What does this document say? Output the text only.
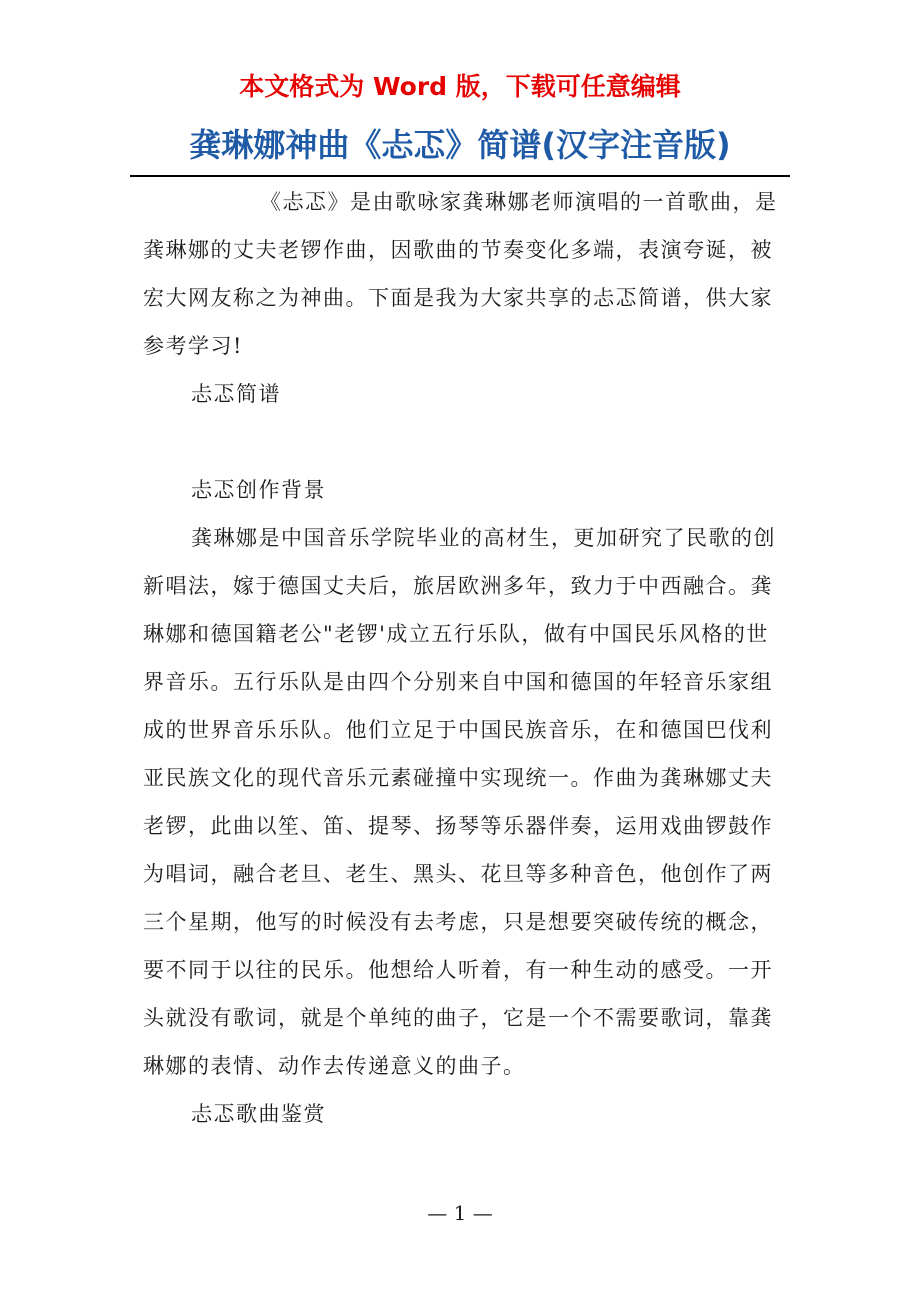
本文格式为 Word 版，下载可任意编辑
龚琳娜神曲《忐忑》简谱(汉字注音版)

《忐忑》是由歌咏家龚琳娜老师演唱的一首歌曲，是龚琳娜的丈夫老锣作曲，因歌曲的节奏变化多端，表演夸诞，被宏大网友称之为神曲。下面是我为大家共享的忐忑简谱，供大家参考学习!

忐忑简谱

忐忑创作背景

龚琳娜是中国音乐学院毕业的高材生，更加研究了民歌的创新唱法，嫁于德国丈夫后，旅居欧洲多年，致力于中西融合。龚琳娜和德国籍老公"老锣'成立五行乐队，做有中国民乐风格的世界音乐。五行乐队是由四个分别来自中国和德国的年轻音乐家组成的世界音乐乐队。他们立足于中国民族音乐，在和德国巴伐利亚民族文化的现代音乐元素碰撞中实现统一。作曲为龚琳娜丈夫老锣，此曲以笙、笛、提琴、扬琴等乐器伴奏，运用戏曲锣鼓作为唱词，融合老旦、老生、黑头、花旦等多种音色，他创作了两三个星期，他写的时候没有去考虑，只是想要突破传统的概念，要不同于以往的民乐。他想给人听着，有一种生动的感受。一开头就没有歌词，就是个单纯的曲子，它是一个不需要歌词，靠龚琳娜的表情、动作去传递意义的曲子。

忐忑歌曲鉴赏

— 1 —
